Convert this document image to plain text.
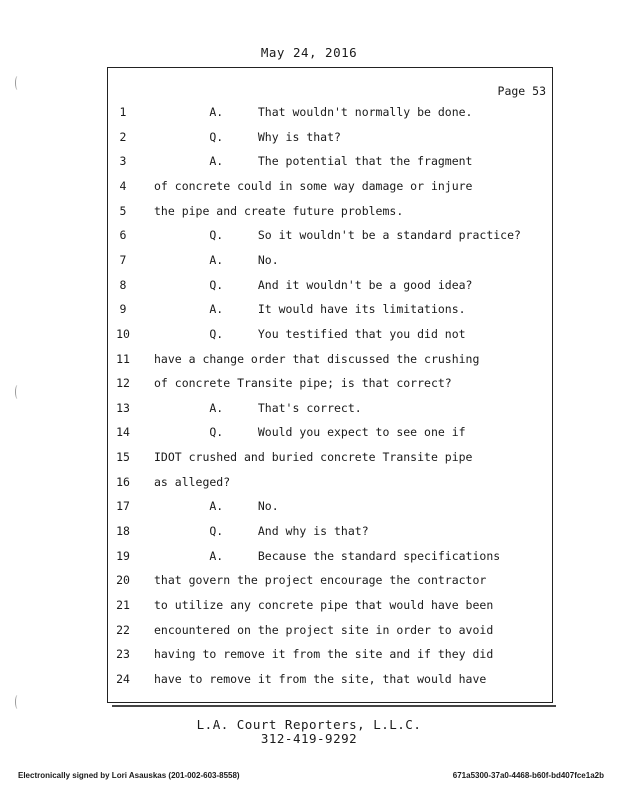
May 24, 2016
Page 53
1	A.     That wouldn't normally be done.
2	Q.     Why is that?
3	A.     The potential that the fragment
4	of concrete could in some way damage or injure
5	the pipe and create future problems.
6	Q.     So it wouldn't be a standard practice?
7	A.     No.
8	Q.     And it wouldn't be a good idea?
9	A.     It would have its limitations.
10	Q.     You testified that you did not
11	have a change order that discussed the crushing
12	of concrete Transite pipe; is that correct?
13	A.     That's correct.
14	Q.     Would you expect to see one if
15	IDOT crushed and buried concrete Transite pipe
16	as alleged?
17	A.     No.
18	Q.     And why is that?
19	A.     Because the standard specifications
20	that govern the project encourage the contractor
21	to utilize any concrete pipe that would have been
22	encountered on the project site in order to avoid
23	having to remove it from the site and if they did
24	have to remove it from the site, that would have
L.A. Court Reporters, L.L.C.
312-419-9292
Electronically signed by Lori Asauskas (201-002-603-8558)	671a5300-37a0-4468-b60f-bd407fce1a2b
